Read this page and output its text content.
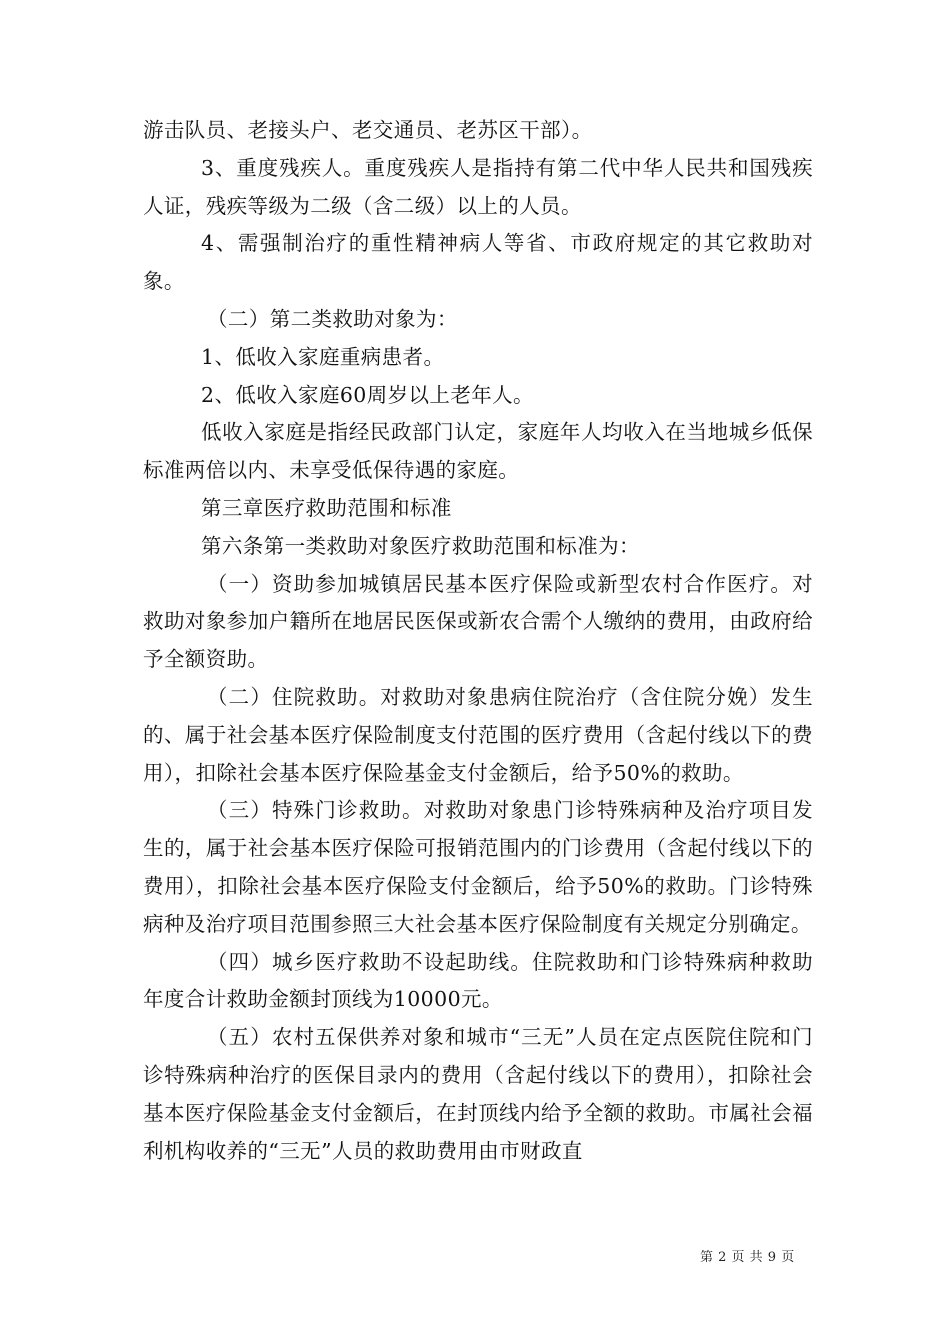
游击队员、老接头户、老交通员、老苏区干部）。

3、重度残疾人。重度残疾人是指持有第二代中华人民共和国残疾人证，残疾等级为二级（含二级）以上的人员。

4、需强制治疗的重性精神病人等省、市政府规定的其它救助对象。

（二）第二类救助对象为：

1、低收入家庭重病患者。

2、低收入家庭60周岁以上老年人。

低收入家庭是指经民政部门认定，家庭年人均收入在当地城乡低保标准两倍以内、未享受低保待遇的家庭。

第三章医疗救助范围和标准

第六条第一类救助对象医疗救助范围和标准为：

（一）资助参加城镇居民基本医疗保险或新型农村合作医疗。对救助对象参加户籍所在地居民医保或新农合需个人缴纳的费用，由政府给予全额资助。

（二）住院救助。对救助对象患病住院治疗（含住院分娩）发生的、属于社会基本医疗保险制度支付范围的医疗费用（含起付线以下的费用），扣除社会基本医疗保险基金支付金额后，给予50%的救助。

（三）特殊门诊救助。对救助对象患门诊特殊病种及治疗项目发生的，属于社会基本医疗保险可报销范围内的门诊费用（含起付线以下的费用），扣除社会基本医疗保险支付金额后，给予50%的救助。门诊特殊病种及治疗项目范围参照三大社会基本医疗保险制度有关规定分别确定。

（四）城乡医疗救助不设起助线。住院救助和门诊特殊病种救助年度合计救助金额封顶线为10000元。

（五）农村五保供养对象和城市“三无”人员在定点医院住院和门诊特殊病种治疗的医保目录内的费用（含起付线以下的费用），扣除社会基本医疗保险基金支付金额后，在封顶线内给予全额的救助。市属社会福利机构收养的“三无”人员的救助费用由市财政直

第 2 页 共 9 页
